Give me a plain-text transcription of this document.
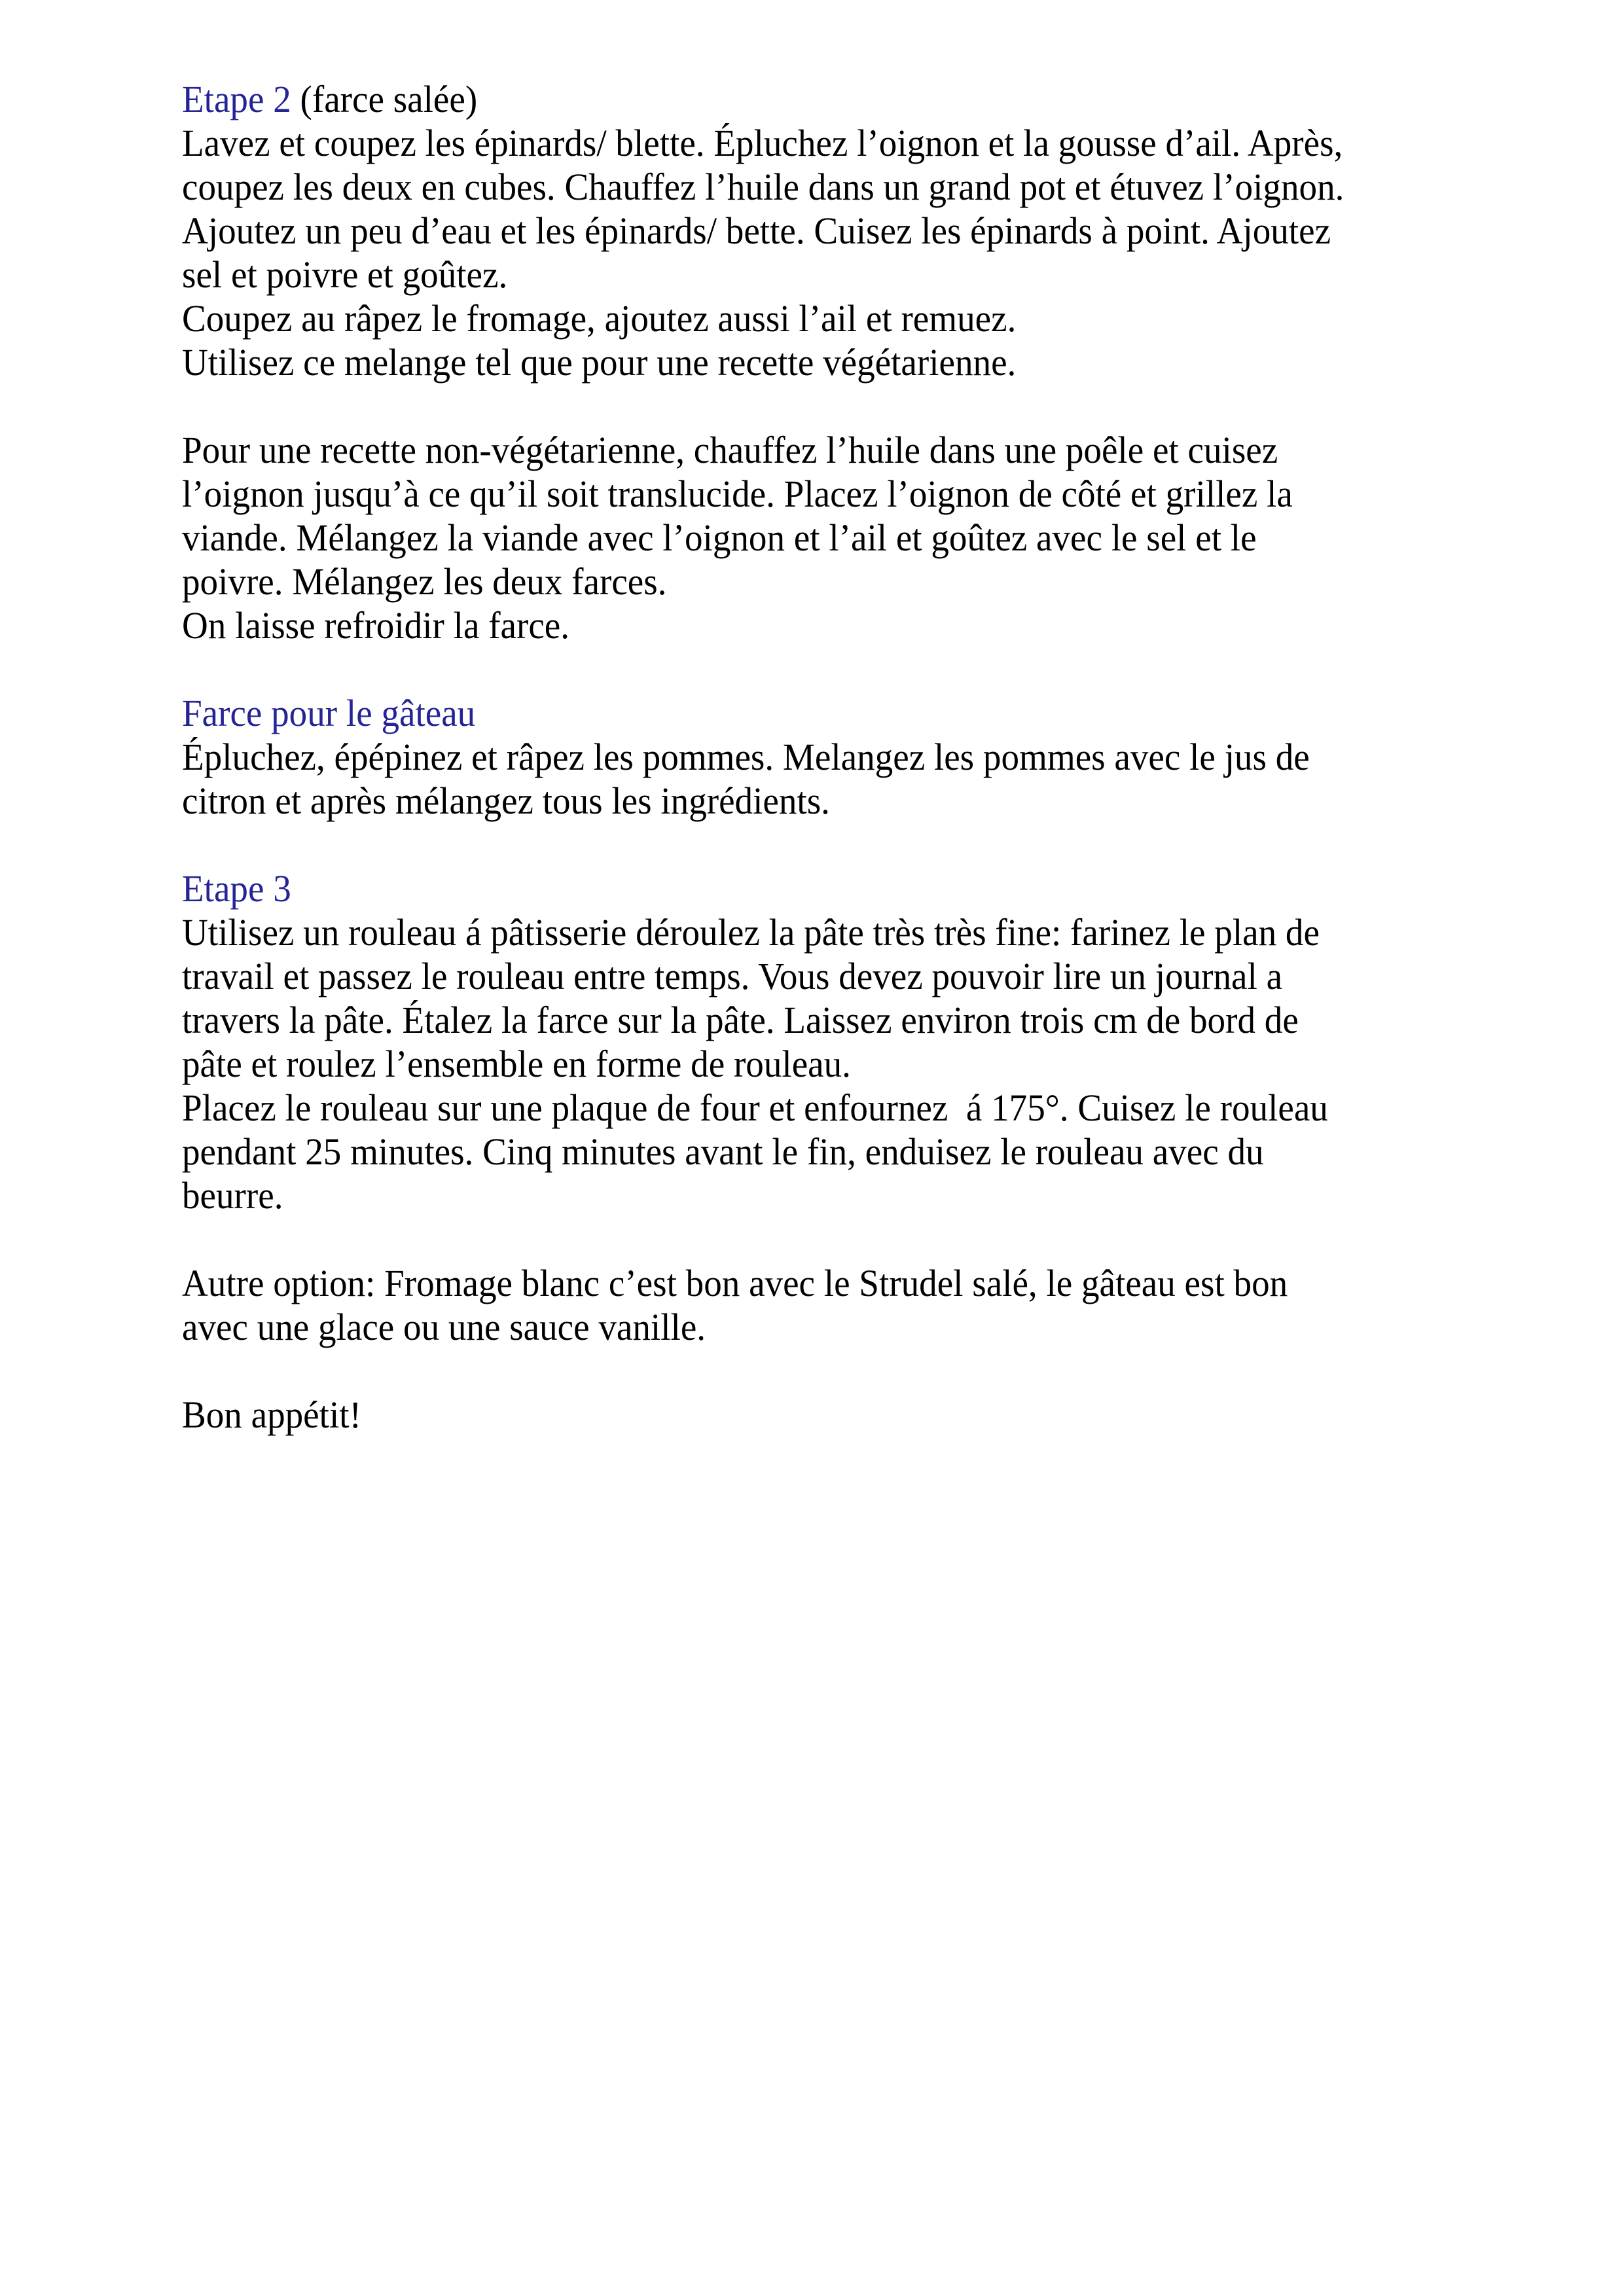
Etape 2 (farce salée)
Lavez et coupez les épinards/ blette. Épluchez l’oignon et la gousse d’ail. Après,
coupez les deux en cubes. Chauffez l’huile dans un grand pot et étuvez l’oignon.
Ajoutez un peu d’eau et les épinards/ bette. Cuisez les épinards à point. Ajoutez
sel et poivre et goûtez.
Coupez au râpez le fromage, ajoutez aussi l’ail et remuez.
Utilisez ce melange tel que pour une recette végétarienne.
Pour une recette non-végétarienne, chauffez l’huile dans une poêle et cuisez
l’oignon jusqu’à ce qu’il soit translucide. Placez l’oignon de côté et grillez la
viande. Mélangez la viande avec l’oignon et l’ail et goûtez avec le sel et le
poivre. Mélangez les deux farces.
On laisse refroidir la farce.
Farce pour le gâteau
Épluchez, épépinez et râpez les pommes. Melangez les pommes avec le jus de
citron et après mélangez tous les ingrédients.
Etape 3
Utilisez un rouleau á pâtisserie déroulez la pâte très très fine: farinez le plan de
travail et passez le rouleau entre temps. Vous devez pouvoir lire un journal a
travers la pâte. Étalez la farce sur la pâte. Laissez environ trois cm de bord de
pâte et roulez l’ensemble en forme de rouleau.
Placez le rouleau sur une plaque de four et enfournez  á 175°. Cuisez le rouleau
pendant 25 minutes. Cinq minutes avant le fin, enduisez le rouleau avec du
beurre.
Autre option: Fromage blanc c’est bon avec le Strudel salé, le gâteau est bon
avec une glace ou une sauce vanille.
Bon appétit!
